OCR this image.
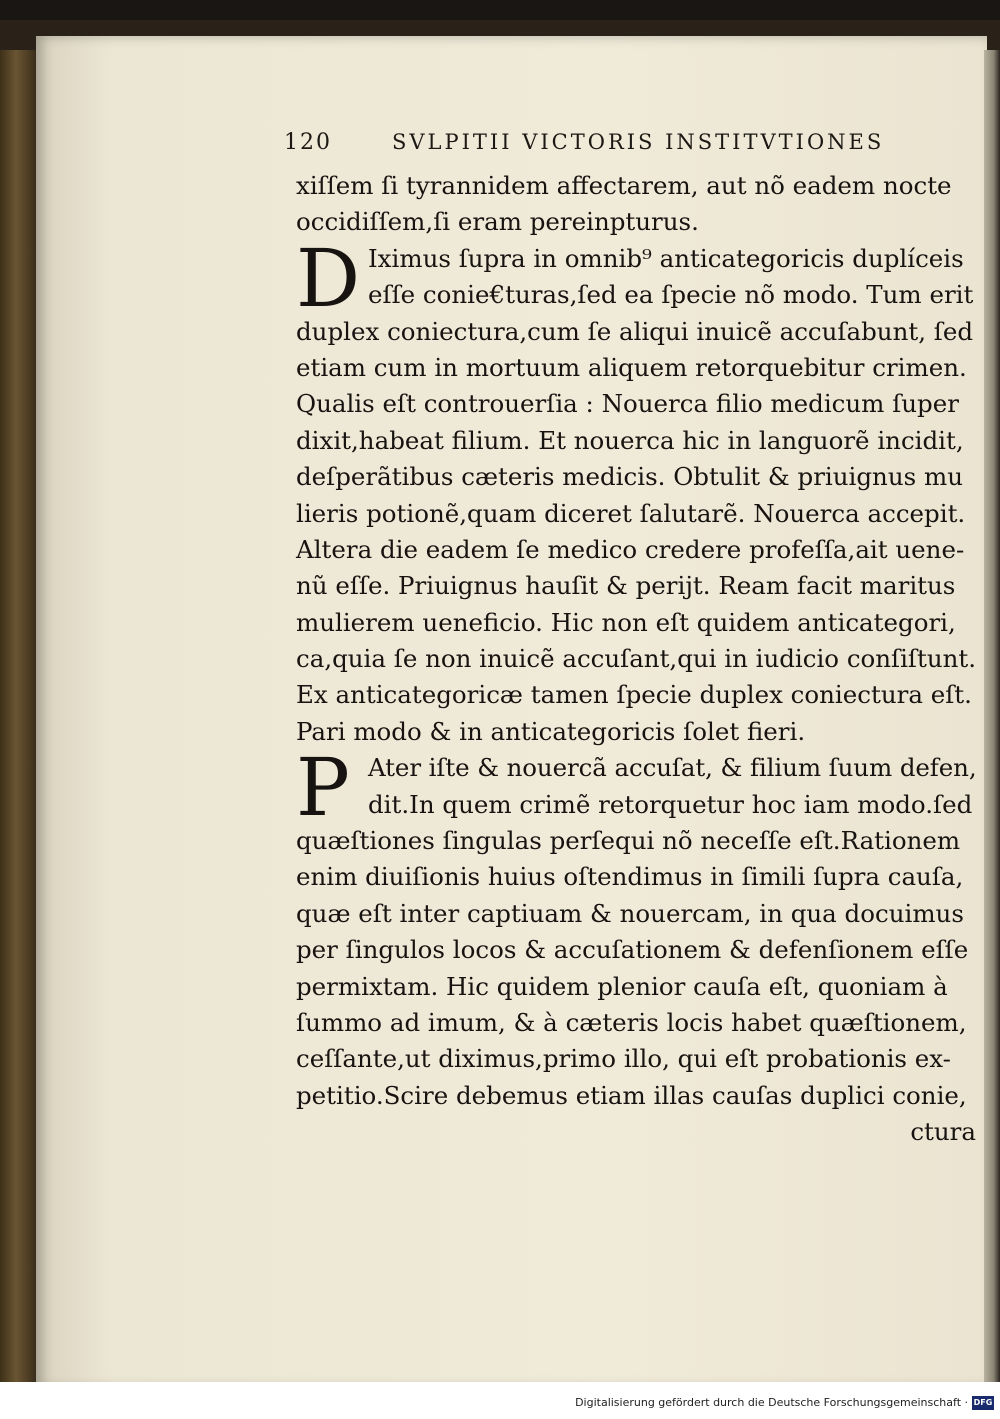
120	SVLPITII VICTORIS INSTITVTIONES
xiſſem ſi tyrannidem affectarem, aut nõ eadem nocte
occidiſſem,ſi eram pereinpturus.
D Iximus ſupra in omnib⁹ anticategoricis duplíceis
eſſe conie€turas,ſed ea ſpecie nõ modo. Tum erit
duplex coniectura,cum ſe aliqui inuicẽ accuſabunt, ſed
etiam cum in mortuum aliquem retorquebitur crimen.
Qualis eſt controuerſia : Nouerca filio medicum ſuper
dixit,habeat filium. Et nouerca hic in languorẽ incidit,
deſperãtibus cæteris medicis. Obtulit & priuignus mu
lieris potionẽ,quam diceret ſalutarẽ. Nouerca accepit.
Altera die eadem ſe medico credere profeſſa,ait uene-
nũ eſſe. Priuignus hauſit & perijt. Ream facit maritus
mulierem ueneficio. Hic non eſt quidem anticategori,
ca,quia ſe non inuicẽ accuſant,qui in iudicio conſiſtunt.
Ex anticategoricæ tamen ſpecie duplex coniectura eſt.
Pari modo & in anticategoricis ſolet fieri.
P Ater iſte & nouercã accuſat, & filium ſuum defen,
dit.In quem crimẽ retorquetur hoc iam modo.ſed
quæſtiones ſingulas perſequi nõ neceſſe eſt.Rationem
enim diuiſionis huius oſtendimus in ſimili ſupra cauſa,
quæ eſt inter captiuam & nouercam, in qua docuimus
per ſingulos locos & accuſationem & defenſionem eſſe
permixtam. Hic quidem plenior cauſa eſt, quoniam à
ſummo ad imum, & à cæteris locis habet quæſtionem,
ceſſante,ut diximus,primo illo, qui eſt probationis ex-
petitio.Scire debemus etiam illas cauſas duplici conie,
ctura
Digitalisierung gefördert durch die Deutsche Forschungsgemeinschaft · DFG
